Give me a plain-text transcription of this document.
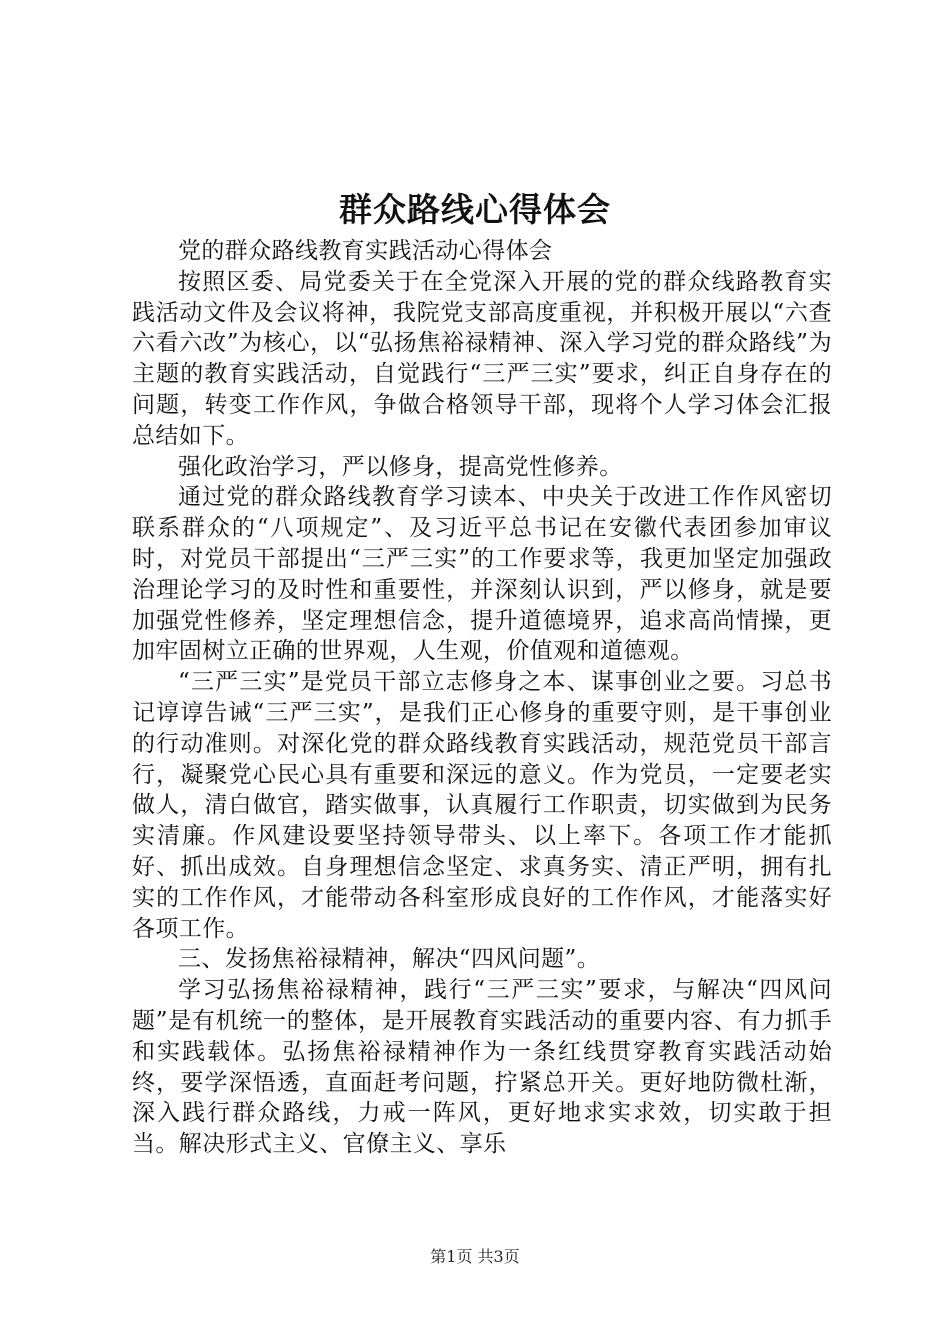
群众路线心得体会

党的群众路线教育实践活动心得体会

按照区委、局党委关于在全党深入开展的党的群众线路教育实践活动文件及会议将神，我院党支部高度重视，并积极开展以“六查六看六改”为核心，以“弘扬焦裕禄精神、深入学习党的群众路线”为主题的教育实践活动，自觉践行“三严三实”要求，纠正自身存在的问题，转变工作作风，争做合格领导干部，现将个人学习体会汇报总结如下。

强化政治学习，严以修身，提高党性修养。

通过党的群众路线教育学习读本、中央关于改进工作作风密切联系群众的“八项规定”、及习近平总书记在安徽代表团参加审议时，对党员干部提出“三严三实”的工作要求等，我更加坚定加强政治理论学习的及时性和重要性，并深刻认识到，严以修身，就是要加强党性修养，坚定理想信念，提升道德境界，追求高尚情操，更加牢固树立正确的世界观，人生观，价值观和道德观。

“三严三实”是党员干部立志修身之本、谋事创业之要。习总书记谆谆告诫“三严三实”，是我们正心修身的重要守则，是干事创业的行动准则。对深化党的群众路线教育实践活动，规范党员干部言行，凝聚党心民心具有重要和深远的意义。作为党员，一定要老实做人，清白做官，踏实做事，认真履行工作职责，切实做到为民务实清廉。作风建设要坚持领导带头、以上率下。各项工作才能抓好、抓出成效。自身理想信念坚定、求真务实、清正严明，拥有扎实的工作作风，才能带动各科室形成良好的工作作风，才能落实好各项工作。

三、发扬焦裕禄精神，解决“四风问题”。

学习弘扬焦裕禄精神，践行“三严三实”要求，与解决“四风问题”是有机统一的整体，是开展教育实践活动的重要内容、有力抓手和实践载体。弘扬焦裕禄精神作为一条红线贯穿教育实践活动始终，要学深悟透，直面赶考问题，拧紧总开关。更好地防微杜渐，深入践行群众路线，力戒一阵风，更好地求实求效，切实敢于担当。解决形式主义、官僚主义、享乐

第1页 共3页
